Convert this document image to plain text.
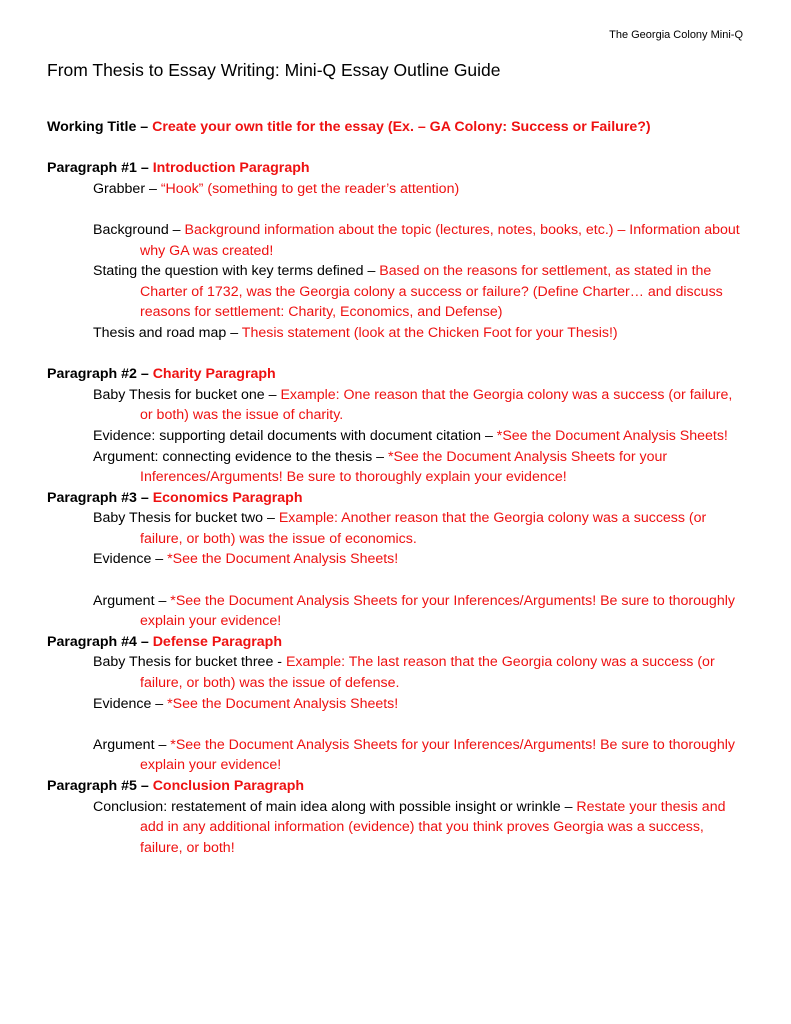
The Georgia Colony Mini-Q
From Thesis to Essay Writing: Mini-Q Essay Outline Guide
Working Title – Create your own title for the essay (Ex. – GA Colony: Success or Failure?)
Paragraph #1 – Introduction Paragraph
Grabber – “Hook” (something to get the reader’s attention)
Background – Background information about the topic (lectures, notes, books, etc.) – Information about why GA was created!
Stating the question with key terms defined – Based on the reasons for settlement, as stated in the Charter of 1732, was the Georgia colony a success or failure? (Define Charter… and discuss reasons for settlement: Charity, Economics, and Defense)
Thesis and road map – Thesis statement (look at the Chicken Foot for your Thesis!)
Paragraph #2 – Charity Paragraph
Baby Thesis for bucket one – Example: One reason that the Georgia colony was a success (or failure, or both) was the issue of charity.
Evidence: supporting detail documents with document citation – *See the Document Analysis Sheets!
Argument: connecting evidence to the thesis – *See the Document Analysis Sheets for your Inferences/Arguments! Be sure to thoroughly explain your evidence!
Paragraph #3 – Economics Paragraph
Baby Thesis for bucket two – Example: Another reason that the Georgia colony was a success (or failure, or both) was the issue of economics.
Evidence – *See the Document Analysis Sheets!
Argument – *See the Document Analysis Sheets for your Inferences/Arguments! Be sure to thoroughly explain your evidence!
Paragraph #4 – Defense Paragraph
Baby Thesis for bucket three - Example: The last reason that the Georgia colony was a success (or failure, or both) was the issue of defense.
Evidence – *See the Document Analysis Sheets!
Argument – *See the Document Analysis Sheets for your Inferences/Arguments! Be sure to thoroughly explain your evidence!
Paragraph #5 – Conclusion Paragraph
Conclusion: restatement of main idea along with possible insight or wrinkle – Restate your thesis and add in any additional information (evidence) that you think proves Georgia was a success, failure, or both!
